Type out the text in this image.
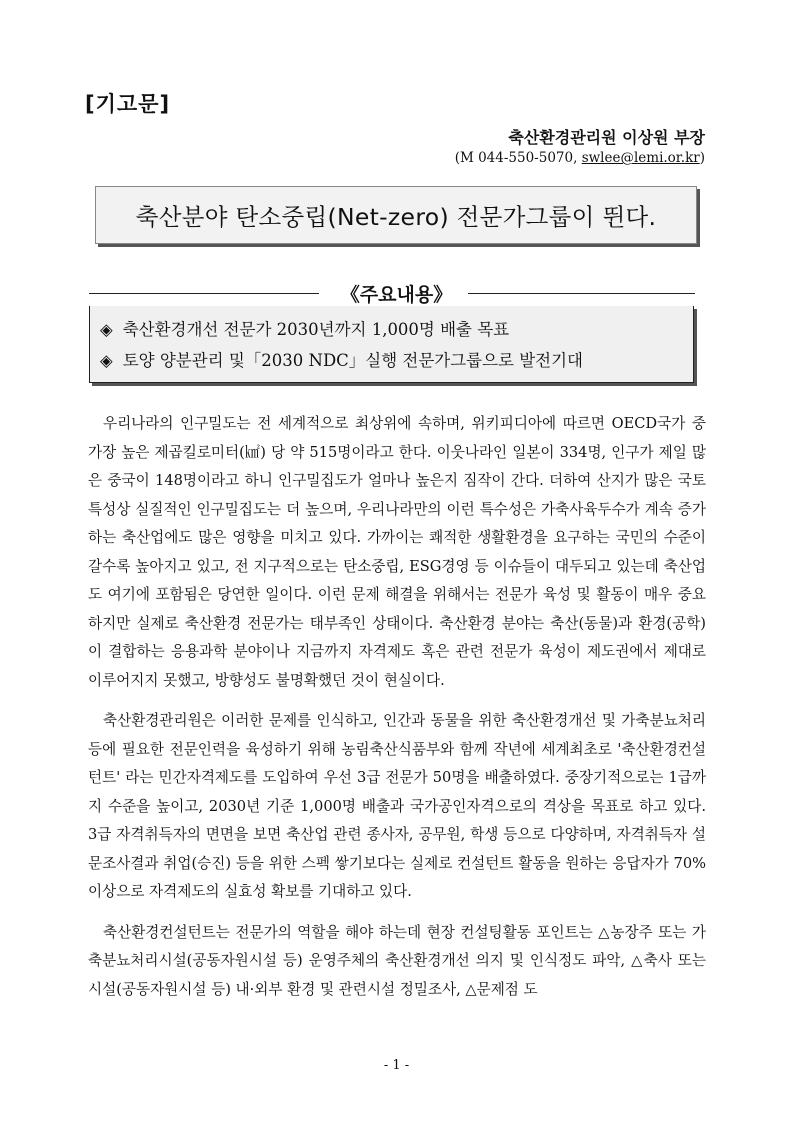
[기고문]
축산환경관리원 이상원 부장
(M 044-550-5070, swlee@lemi.or.kr)
축산분야 탄소중립(Net-zero) 전문가그룹이 뛴다.
《주요내용》
◈ 축산환경개선 전문가 2030년까지 1,000명 배출 목표
◈ 토양 양분관리 및「2030 NDC」실행 전문가그룹으로 발전기대

우리나라의 인구밀도는 전 세계적으로 최상위에 속하며, 위키피디아에 따르면 OECD국가 중 가장 높은 제곱킬로미터(㎢) 당 약 515명이라고 한다. 이웃나라인 일본이 334명, 인구가 제일 많은 중국이 148명이라고 하니 인구밀집도가 얼마나 높은지 짐작이 간다. 더하여 산지가 많은 국토 특성상 실질적인 인구밀집도는 더 높으며, 우리나라만의 이런 특수성은 가축사육두수가 계속 증가하는 축산업에도 많은 영향을 미치고 있다. 가까이는 쾌적한 생활환경을 요구하는 국민의 수준이 갈수록 높아지고 있고, 전 지구적으로는 탄소중립, ESG경영 등 이슈들이 대두되고 있는데 축산업도 여기에 포함됨은 당연한 일이다. 이런 문제 해결을 위해서는 전문가 육성 및 활동이 매우 중요하지만 실제로 축산환경 전문가는 태부족인 상태이다. 축산환경 분야는 축산(동물)과 환경(공학)이 결합하는 응용과학 분야이나 지금까지 자격제도 혹은 관련 전문가 육성이 제도권에서 제대로 이루어지지 못했고, 방향성도 불명확했던 것이 현실이다.

축산환경관리원은 이러한 문제를 인식하고, 인간과 동물을 위한 축산환경개선 및 가축분뇨처리 등에 필요한 전문인력을 육성하기 위해 농림축산식품부와 함께 작년에 세계최초로 '축산환경컨설턴트' 라는 민간자격제도를 도입하여 우선 3급 전문가 50명을 배출하였다. 중장기적으로는 1급까지 수준을 높이고, 2030년 기준 1,000명 배출과 국가공인자격으로의 격상을 목표로 하고 있다. 3급 자격취득자의 면면을 보면 축산업 관련 종사자, 공무원, 학생 등으로 다양하며, 자격취득자 설문조사결과 취업(승진) 등을 위한 스펙 쌓기보다는 실제로 컨설턴트 활동을 원하는 응답자가 70% 이상으로 자격제도의 실효성 확보를 기대하고 있다.

축산환경컨설턴트는 전문가의 역할을 해야 하는데 현장 컨설팅활동 포인트는 △농장주 또는 가축분뇨처리시설(공동자원시설 등) 운영주체의 축산환경개선 의지 및 인식정도 파악, △축사 또는 시설(공동자원시설 등) 내·외부 환경 및 관련시설 정밀조사, △문제점 도

- 1 -
